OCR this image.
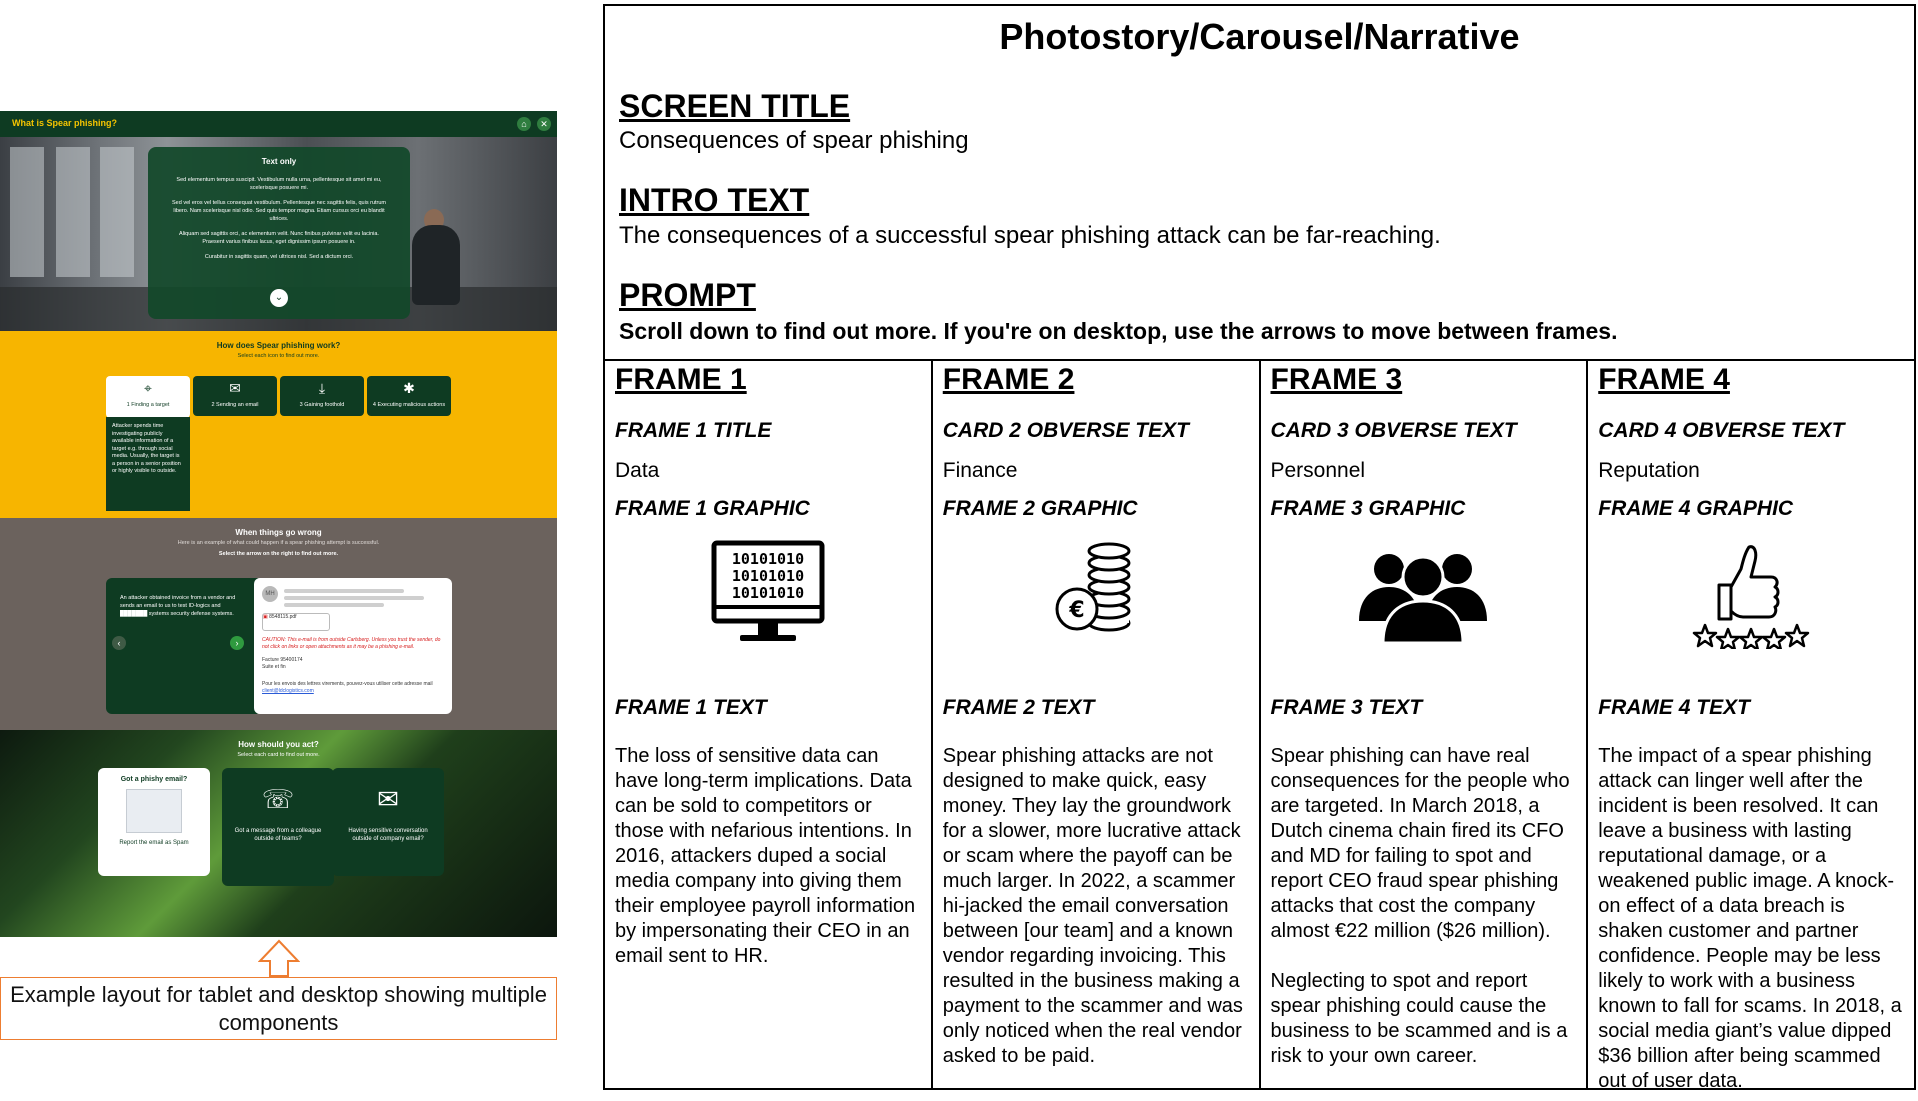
What is Spear phishing?	⌂	✕
Text only

Sed elementum tempus suscipit. Vestibulum nulla urna, pellentesque sit amet mi eu, scelerisque posuere mi.

Sed vel eros vel tellus consequat vestibulum. Pellentesque nec sagittis felis, quis rutrum libero. Nam scelerisque nisl odio. Sed quis tempor magna. Etiam cursus orci eu blandit ultrices.

Aliquam sed sagittis orci, ac elementum velit. Nunc finibus pulvinar velit eu lacinia. Praesent varius finibus lacus, eget dignissim ipsum posuere in.

Curabitur in sagittis quam, vel ultrices nisl. Sed a dictum orci.

⌄
How does Spear phishing work?
Select each icon to find out more.
⌖
1 Finding a target
✉
2 Sending an email
⤓
3 Gaining foothold
✱
4 Executing malicious actions
Attacker spends time investigating publicly available information of a target e.g. through social media. Usually, the target is a person in a senior position or highly visible to outside.
When things go wrong
Here is an example of what could happen if a spear phishing attempt is successful.
Select the arrow on the right to find out more.
An attacker obtained invoice from a vendor and sends an email to us to test ID-logics and ███████ systems security defense systems.
‹	›
MH
▣ 8548115.pdf
CAUTION: This e-mail is from outside Carlsberg. Unless you trust the sender, do not click on links or open attachments as it may be a phishing e-mail.
Facture 95400174
Suite et fin
Pour les envois des lettres virements, pouvez-vous utiliser cette adresse mail
client@ldclogistics.com
How should you act?
Select each card to find out more.
Got a phishy email?
Report the email as Spam
☏
Got a message from a colleague outside of teams?
✉
Having sensitive conversation outside of company email?
Example layout for tablet and desktop showing multiple components
Photostory/Carousel/Narrative
SCREEN TITLE
Consequences of spear phishing
INTRO TEXT
The consequences of a successful spear phishing attack can be far-reaching.
PROMPT
Scroll down to find out more. If you're on desktop, use the arrows to move between frames.
FRAME 1
FRAME 1 TITLE
Data
FRAME 1 GRAPHIC
10101010
10101010
10101010
FRAME 1 TEXT
The loss of sensitive data can have long-term implications. Data can be sold to competitors or those with nefarious intentions. In 2016, attackers duped a social media company into giving them their employee payroll information by impersonating their CEO in an email sent to HR.
FRAME 2
CARD 2 OBVERSE TEXT
Finance
FRAME 2 GRAPHIC
€
FRAME 2 TEXT
Spear phishing attacks are not designed to make quick, easy money. They lay the groundwork for a slower, more lucrative attack or scam where the payoff can be much larger. In 2022, a scammer hi-jacked the email conversation between [our team] and a known vendor regarding invoicing. This resulted in the business making a payment to the scammer and was only noticed when the real vendor asked to be paid.
FRAME 3
CARD 3 OBVERSE TEXT
Personnel
FRAME 3 GRAPHIC
FRAME 3 TEXT
Spear phishing can have real consequences for the people who are targeted. In March 2018, a Dutch cinema chain fired its CFO and MD for failing to spot and report CEO fraud spear phishing attacks that cost the company almost €22 million ($26 million).
Neglecting to spot and report spear phishing could cause the business to be scammed and is a risk to your own career.
FRAME 4
CARD 4 OBVERSE TEXT
Reputation
FRAME 4 GRAPHIC
FRAME 4 TEXT
The impact of a spear phishing attack can linger well after the incident is been resolved. It can leave a business with lasting reputational damage, or a weakened public image. A knock-on effect of a data breach is shaken customer and partner confidence. People may be less likely to work with a business known to fall for scams. In 2018, a social media giant’s value dipped $36 billion after being scammed out of user data.
